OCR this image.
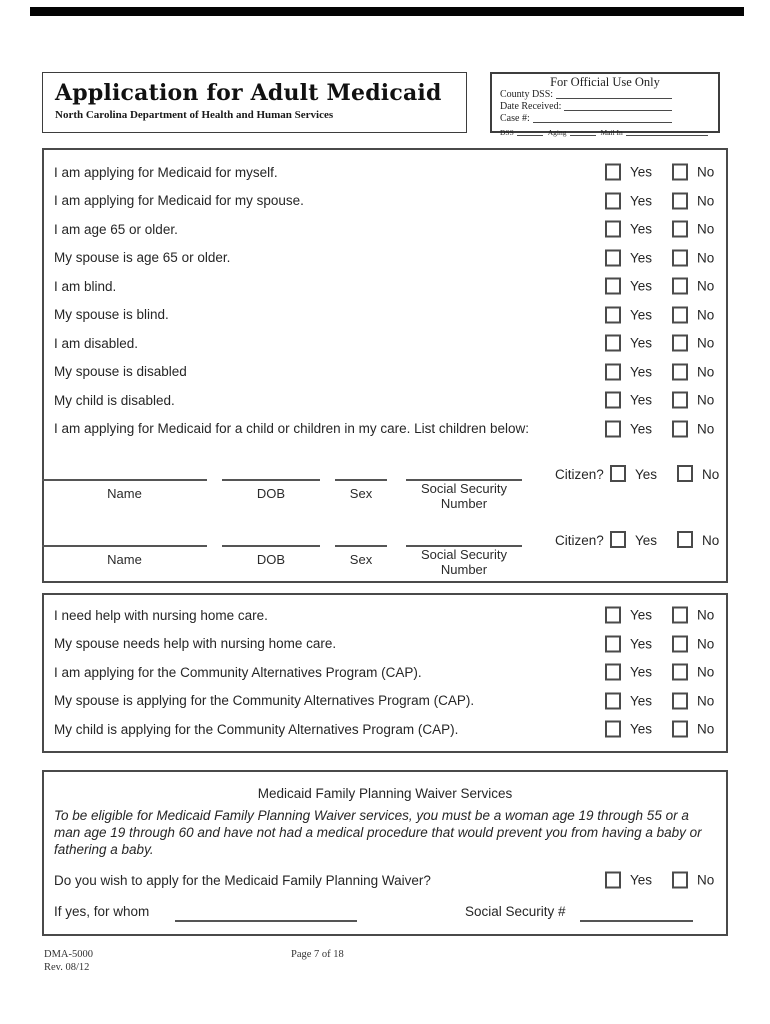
Application for Adult Medicaid
North Carolina Department of Health and Human Services
For Official Use Only
County DSS:
Date Received:
Case #:
DSS	Aging	Mail In
I am applying for Medicaid for myself.	Yes	No
I am applying for Medicaid for my spouse.	Yes	No
I am age 65 or older.	Yes	No
My spouse is age 65 or older.	Yes	No
I am blind.	Yes	No
My spouse is blind.	Yes	No
I am disabled.	Yes	No
My spouse is disabled	Yes	No
My child is disabled.	Yes	No
I am applying for Medicaid for a child or children in my care. List children below:	Yes	No
Citizen? Yes	No
Name	DOB	Sex	Social Security Number
Citizen? Yes	No
Name	DOB	Sex	Social Security Number
I need help with nursing home care.	Yes	No
My spouse needs help with nursing home care.	Yes	No
I am applying for the Community Alternatives Program (CAP).	Yes	No
My spouse is applying for the Community Alternatives Program (CAP).	Yes	No
My child is applying for the Community Alternatives Program (CAP).	Yes	No
Medicaid Family Planning Waiver Services
To be eligible for Medicaid Family Planning Waiver services, you must be a woman age 19 through 55 or a man age 19 through 60 and have not had a medical procedure that would prevent you from having a baby or fathering a baby.
Do you wish to apply for the Medicaid Family Planning Waiver?	Yes	No
If yes, for whom	Social Security #
DMA-5000
Rev. 08/12
Page 7 of 18
